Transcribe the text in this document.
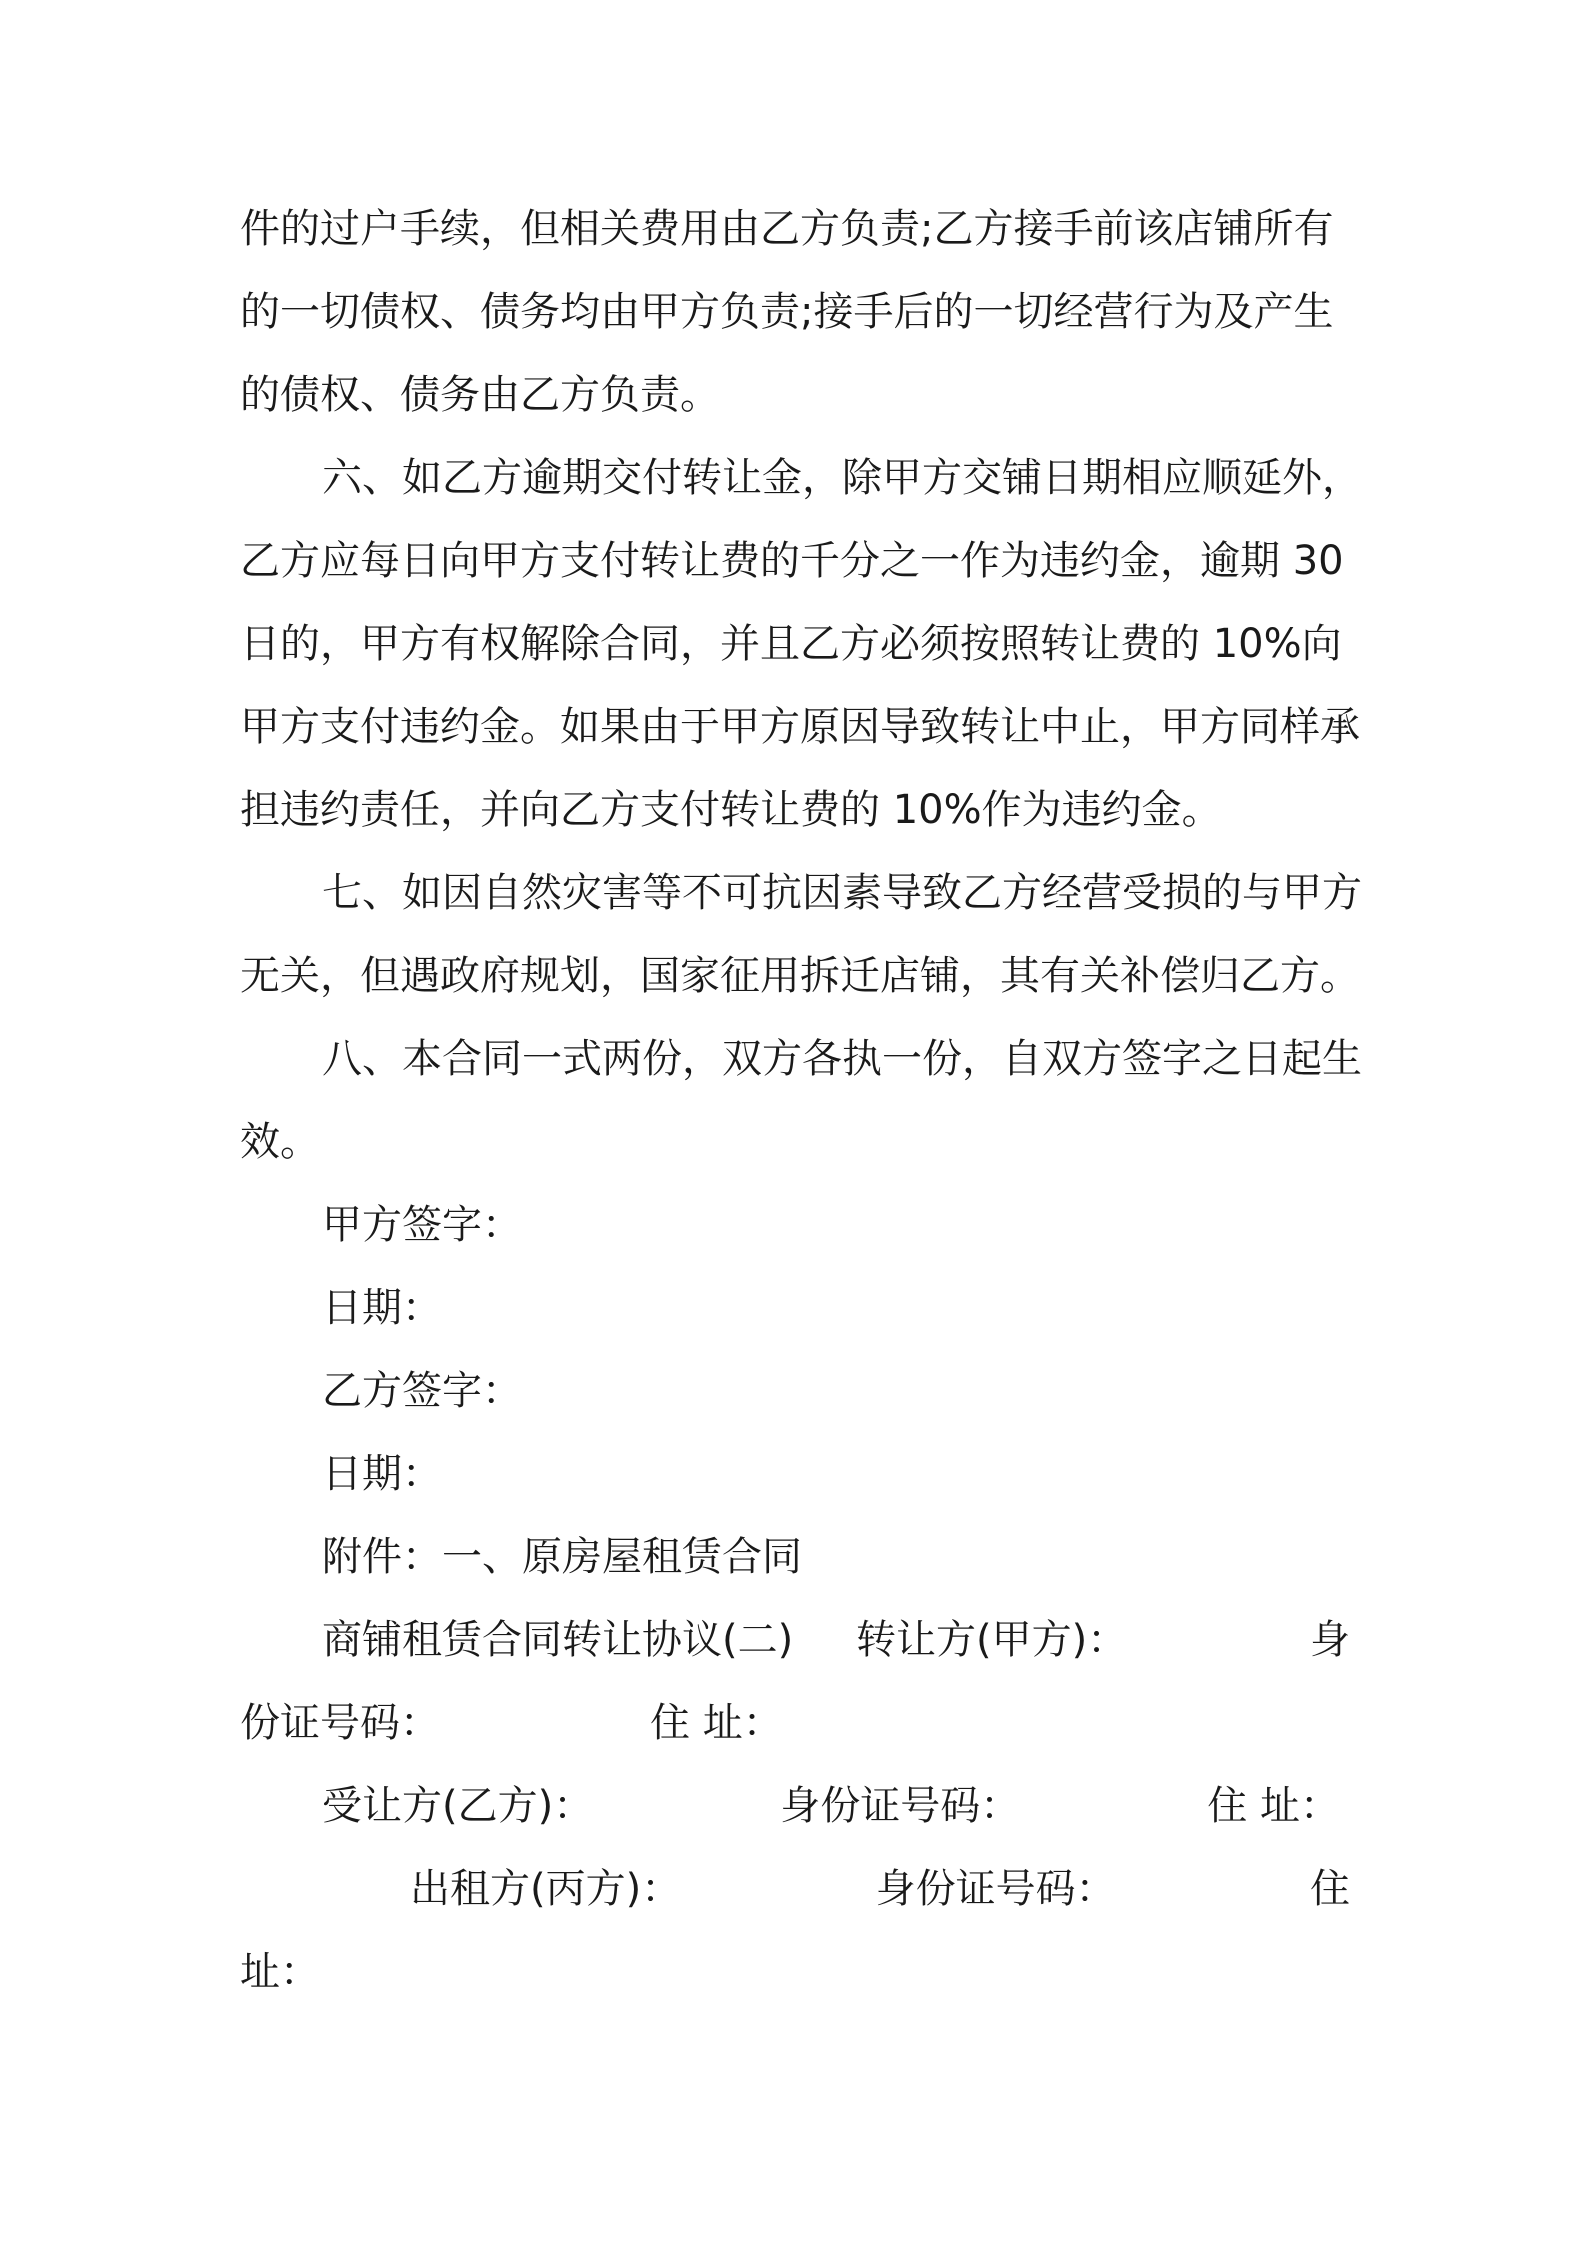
件的过户手续，但相关费用由乙方负责;乙方接手前该店铺所有
的一切债权、债务均由甲方负责;接手后的一切经营行为及产生
的债权、债务由乙方负责。
六、如乙方逾期交付转让金，除甲方交铺日期相应顺延外，
乙方应每日向甲方支付转让费的千分之一作为违约金，逾期 30
日的，甲方有权解除合同，并且乙方必须按照转让费的 10%向
甲方支付违约金。如果由于甲方原因导致转让中止，甲方同样承
担违约责任，并向乙方支付转让费的 10%作为违约金。
七、如因自然灾害等不可抗因素导致乙方经营受损的与甲方
无关，但遇政府规划，国家征用拆迁店铺，其有关补偿归乙方。
八、本合同一式两份，双方各执一份，自双方签字之日起生
效。
甲方签字：
日期：
乙方签字：
日期：
附件：一、原房屋租赁合同
商铺租赁合同转让协议(二) 转让方(甲方)：	身
份证号码：	住 址：
受让方(乙方)：	身份证号码：	住 址：
出租方(丙方)：	身份证号码：	住
址：
